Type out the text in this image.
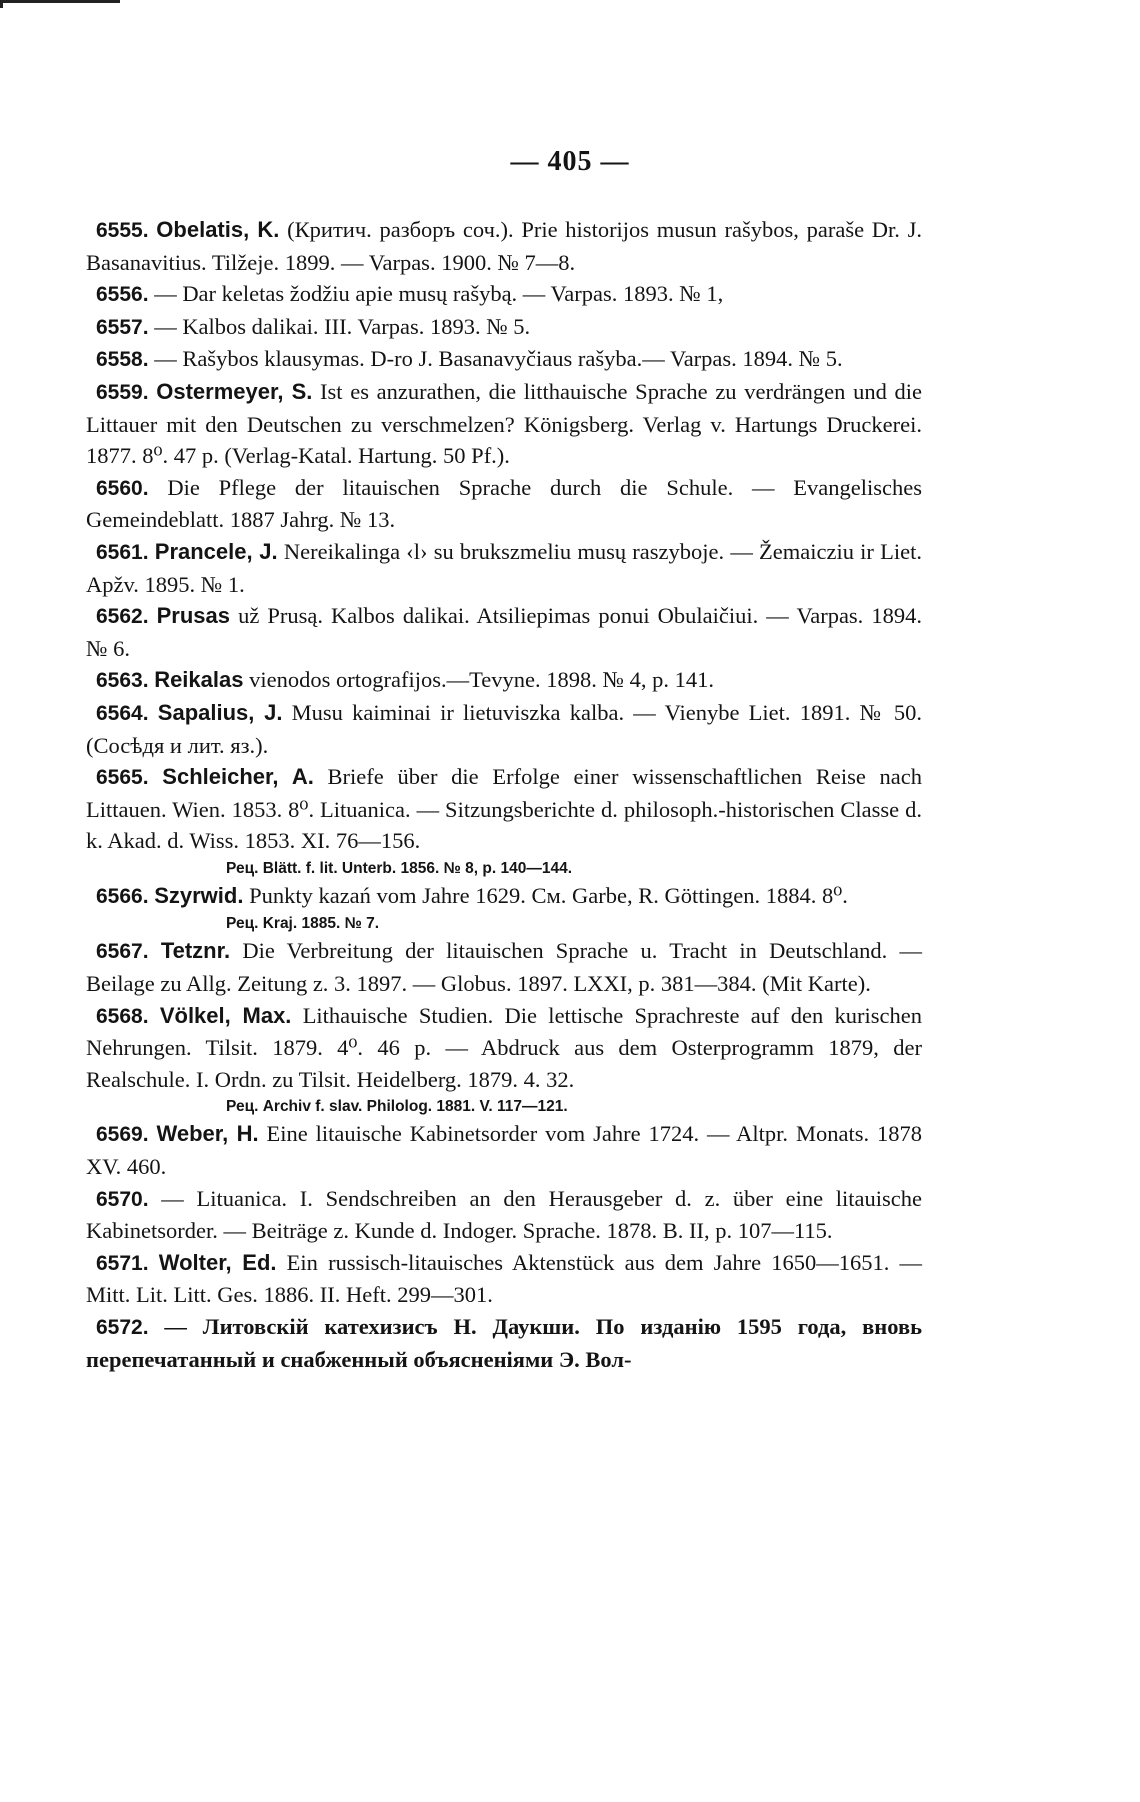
— 405 —

6555. Obelatis, K. (Критич. разборъ соч.). Prie historijos musun rašybos, paraše Dr. J. Basanavitius. Tilžeje. 1899. — Varpas. 1900. № 7—8.

6556. — Dar keletas žodžiu apie musų rašybą. — Varpas. 1893. № 1,

6557. — Kalbos dalikai. III. Varpas. 1893. № 5.

6558. — Rašybos klausymas. D-ro J. Basanavyčiaus rašyba.— Varpas. 1894. № 5.

6559. Ostermeyer, S. Ist es anzurathen, die litthauische Sprache zu verdrängen und die Littauer mit den Deutschen zu verschmelzen? Königsberg. Verlag v. Hartungs Druckerei. 1877. 8⁰. 47 p. (Verlag-Katal. Hartung. 50 Pf.).

6560. Die Pflege der litauischen Sprache durch die Schule. — Evangelisches Gemeindeblatt. 1887 Jahrg. № 13.

6561. Prancele, J. Nereikalinga ‹l› su brukszmeliu musų raszyboje. — Žemaicziu ir Liet. Apžv. 1895. № 1.

6562. Prusas už Prusą. Kalbos dalikai. Atsiliepimas ponui Obulaičiui. — Varpas. 1894. № 6.

6563. Reikalas vienodos ortografijos.—Tevyne. 1898. № 4, p. 141.

6564. Sapalius, J. Musu kaiminai ir lietuviszka kalba. — Vienybe Liet. 1891. № 50. (Сосѣдя и лит. яз.).

6565. Schleicher, A. Briefe über die Erfolge einer wissenschaftlichen Reise nach Littauen. Wien. 1853. 8⁰. Lituanica. — Sitzungsberichte d. philosoph.-historischen Classe d. k. Akad. d. Wiss. 1853. XI. 76—156.

Рец. Blätt. f. lit. Unterb. 1856. № 8, p. 140—144.

6566. Szyrwid. Punkty kazań vom Jahre 1629. См. Garbe, R. Göttingen. 1884. 8⁰.

Рец. Kraj. 1885. № 7.

6567. Tetznr. Die Verbreitung der litauischen Sprache u. Tracht in Deutschland. — Beilage zu Allg. Zeitung z. 3. 1897. — Globus. 1897. LXXI, p. 381—384. (Mit Karte).

6568. Völkel, Max. Lithauische Studien. Die lettische Sprachreste auf den kurischen Nehrungen. Tilsit. 1879. 4⁰. 46 p. — Abdruck aus dem Osterprogramm 1879, der Realschule. I. Ordn. zu Tilsit. Heidelberg. 1879. 4. 32.

Рец. Archiv f. slav. Philolog. 1881. V. 117—121.

6569. Weber, H. Eine litauische Kabinetsorder vom Jahre 1724. — Altpr. Monats. 1878 XV. 460.

6570. — Lituanica. I. Sendschreiben an den Herausgeber d. z. über eine litauische Kabinetsorder. — Beiträge z. Kunde d. Indoger. Sprache. 1878. B. II, p. 107—115.

6571. Wolter, Ed. Ein russisch-litauisches Aktenstück aus dem Jahre 1650—1651. — Mitt. Lit. Litt. Ges. 1886. II. Heft. 299—301.

6572. — Литовскій катехизисъ Н. Даукши. По изданію 1595 года, вновь перепечатанный и снабженный объясненіями Э. Вол-
